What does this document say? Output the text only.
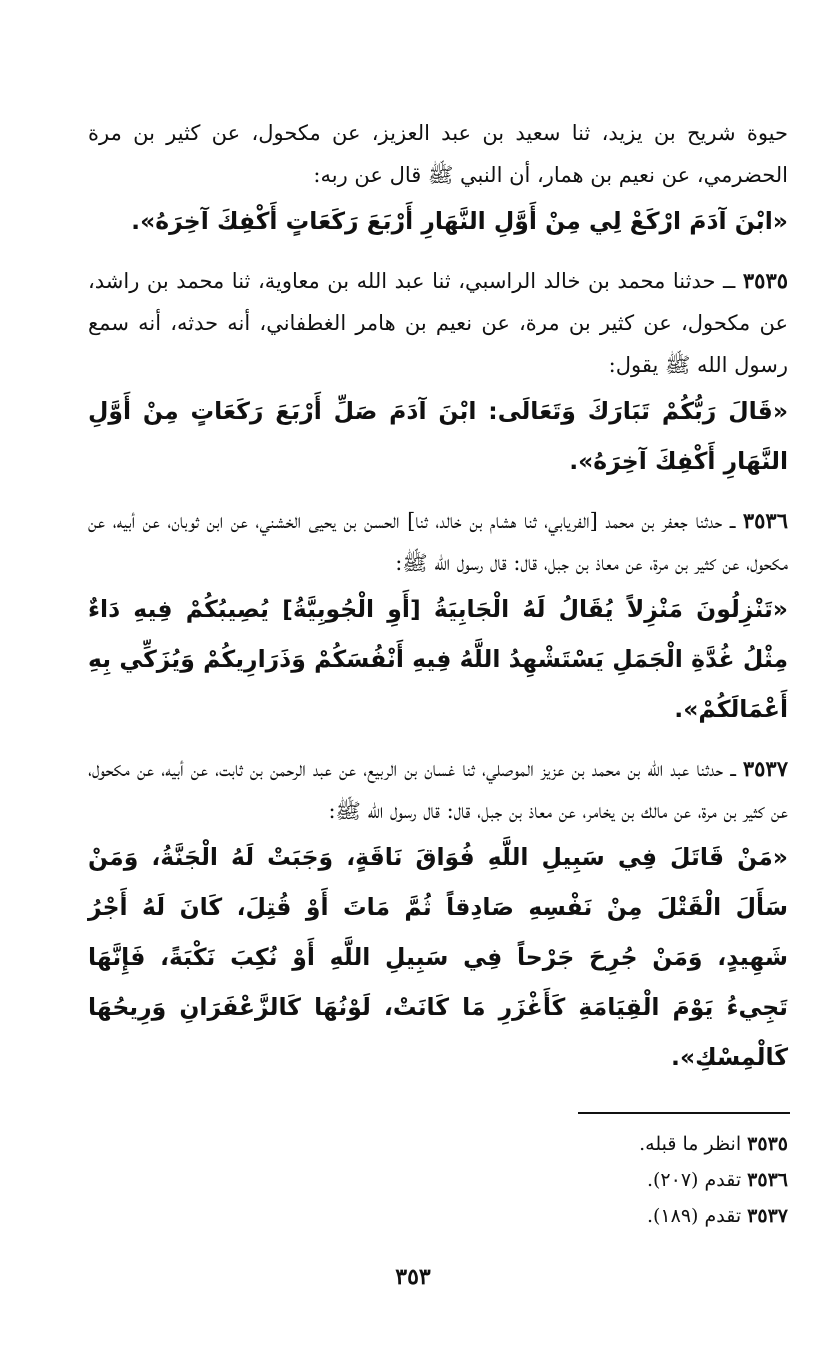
حيوة شريح بن يزيد، ثنا سعيد بن عبد العزيز، عن مكحول، عن كثير بن مرة الحضرمي، عن نعيم بن همار، أن النبي ﷺ قال عن ربه:

«ابْنَ آدَمَ ارْكَعْ لِي مِنْ أَوَّلِ النَّهَارِ أَرْبَعَ رَكَعَاتٍ أَكْفِكَ آخِرَهُ».

٣٥٣٥ ــ حدثنا محمد بن خالد الراسبي، ثنا عبد الله بن معاوية، ثنا محمد بن راشد، عن مكحول، عن كثير بن مرة، عن نعيم بن هامر الغطفاني، أنه حدثه، أنه سمع رسول الله ﷺ يقول:

«قَالَ رَبُّكُمْ تَبَارَكَ وَتَعَالَى: ابْنَ آدَمَ صَلِّ أَرْبَعَ رَكَعَاتٍ مِنْ أَوَّلِ النَّهَارِ أَكْفِكَ آخِرَهُ».

٣٥٣٦ ــ حدثنا جعفر بن محمد [الفريابي، ثنا هشام بن خالد، ثنا] الحسن بن يحيى الخشني، عن ابن ثوبان، عن أبيه، عن مكحول، عن كثير بن مرة، عن معاذ بن جبل، قال: قال رسول الله ﷺ:

«تَنْزِلُونَ مَنْزِلاً يُقَالُ لَهُ الْجَابِيَةُ [أَوِ الْجُوبِيَّةُ] يُصِيبُكُمْ فِيهِ دَاءٌ مِثْلُ غُدَّةِ الْجَمَلِ يَسْتَشْهِدُ اللَّهُ فِيهِ أَنْفُسَكُمْ وَذَرَارِيكُمْ وَيُزَكِّي بِهِ أَعْمَالَكُمْ».

٣٥٣٧ ــ حدثنا عبد الله بن محمد بن عزيز الموصلي، ثنا غسان بن الربيع، عن عبد الرحمن بن ثابت، عن أبيه، عن مكحول، عن كثير بن مرة، عن مالك بن يخامر، عن معاذ بن جبل، قال: قال رسول الله ﷺ:

«مَنْ قَاتَلَ فِي سَبِيلِ اللَّهِ فُوَاقَ نَاقَةٍ، وَجَبَتْ لَهُ الْجَنَّةُ، وَمَنْ سَأَلَ الْقَتْلَ مِنْ نَفْسِهِ صَادِقاً ثُمَّ مَاتَ أَوْ قُتِلَ، كَانَ لَهُ أَجْرُ شَهِيدٍ، وَمَنْ جُرِحَ جَرْحاً فِي سَبِيلِ اللَّهِ أَوْ نُكِبَ نَكْبَةً، فَإِنَّهَا تَجِيءُ يَوْمَ الْقِيَامَةِ كَأَغْزَرِ مَا كَانَتْ، لَوْنُهَا كَالزَّعْفَرَانِ وَرِيحُهَا كَالْمِسْكِ».

٣٥٣٥ انظر ما قبله.
٣٥٣٦ تقدم (٢٠٧).
٣٥٣٧ تقدم (١٨٩).
٣٥٣
